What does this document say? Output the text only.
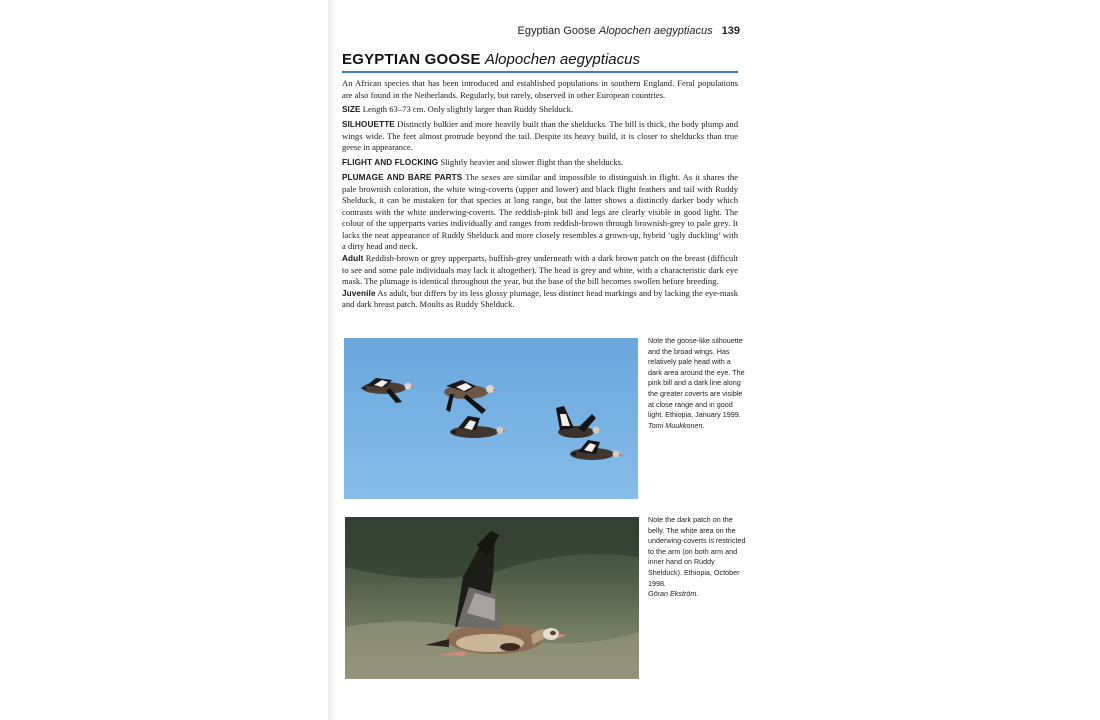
Egyptian Goose Alopochen aegyptiacus 139
EGYPTIAN GOOSE Alopochen aegyptiacus

An African species that has been introduced and established populations in southern England. Feral populations are also found in the Netherlands. Regularly, but rarely, observed in other European countries.

SIZE Length 63–73 cm. Only slightly larger than Ruddy Shelduck.

SILHOUETTE Distinctly bulkier and more heavily built than the shelducks. The bill is thick, the body plump and wings wide. The feet almost protrude beyond the tail. Despite its heavy build, it is closer to shelducks than true geese in appearance.

FLIGHT AND FLOCKING Slightly heavier and slower flight than the shelducks.

PLUMAGE AND BARE PARTS The sexes are similar and impossible to distinguish in flight. As it shares the pale brownish coloration, the white wing-coverts (upper and lower) and black flight feathers and tail with Ruddy Shelduck, it can be mistaken for that species at long range, but the latter shows a distinctly darker body which contrasts with the white underwing-coverts. The reddish-pink bill and legs are clearly visible in good light. The colour of the upperparts varies individually and ranges from reddish-brown through brownish-grey to pale grey. It lacks the neat appearance of Ruddy Shelduck and more closely resembles a grown-up, hybrid ‘ugly duckling’ with a dirty head and neck.

Adult Reddish-brown or grey upperparts, buffish-grey underneath with a dark brown patch on the breast (difficult to see and some pale individuals may lack it altogether). The head is grey and white, with a characteristic dark eye mask. The plumage is identical throughout the year, but the base of the bill becomes swollen before breeding.

Juvenile As adult, but differs by its less glossy plumage, less distinct head markings and by lacking the eye-mask and dark breast patch. Moults as Ruddy Shelduck.

Note the goose-like silhouette and the broad wings. Has relatively pale head with a dark area around the eye. The pink bill and a dark line along the greater coverts are visible at close range and in good light. Ethiopia, January 1999.
Tomi Muukkonen.
Note the dark patch on the belly. The white area on the underwing-coverts is restricted to the arm (on both arm and inner hand on Ruddy Shelduck). Ethiopia, October 1998.
Göran Ekström.
